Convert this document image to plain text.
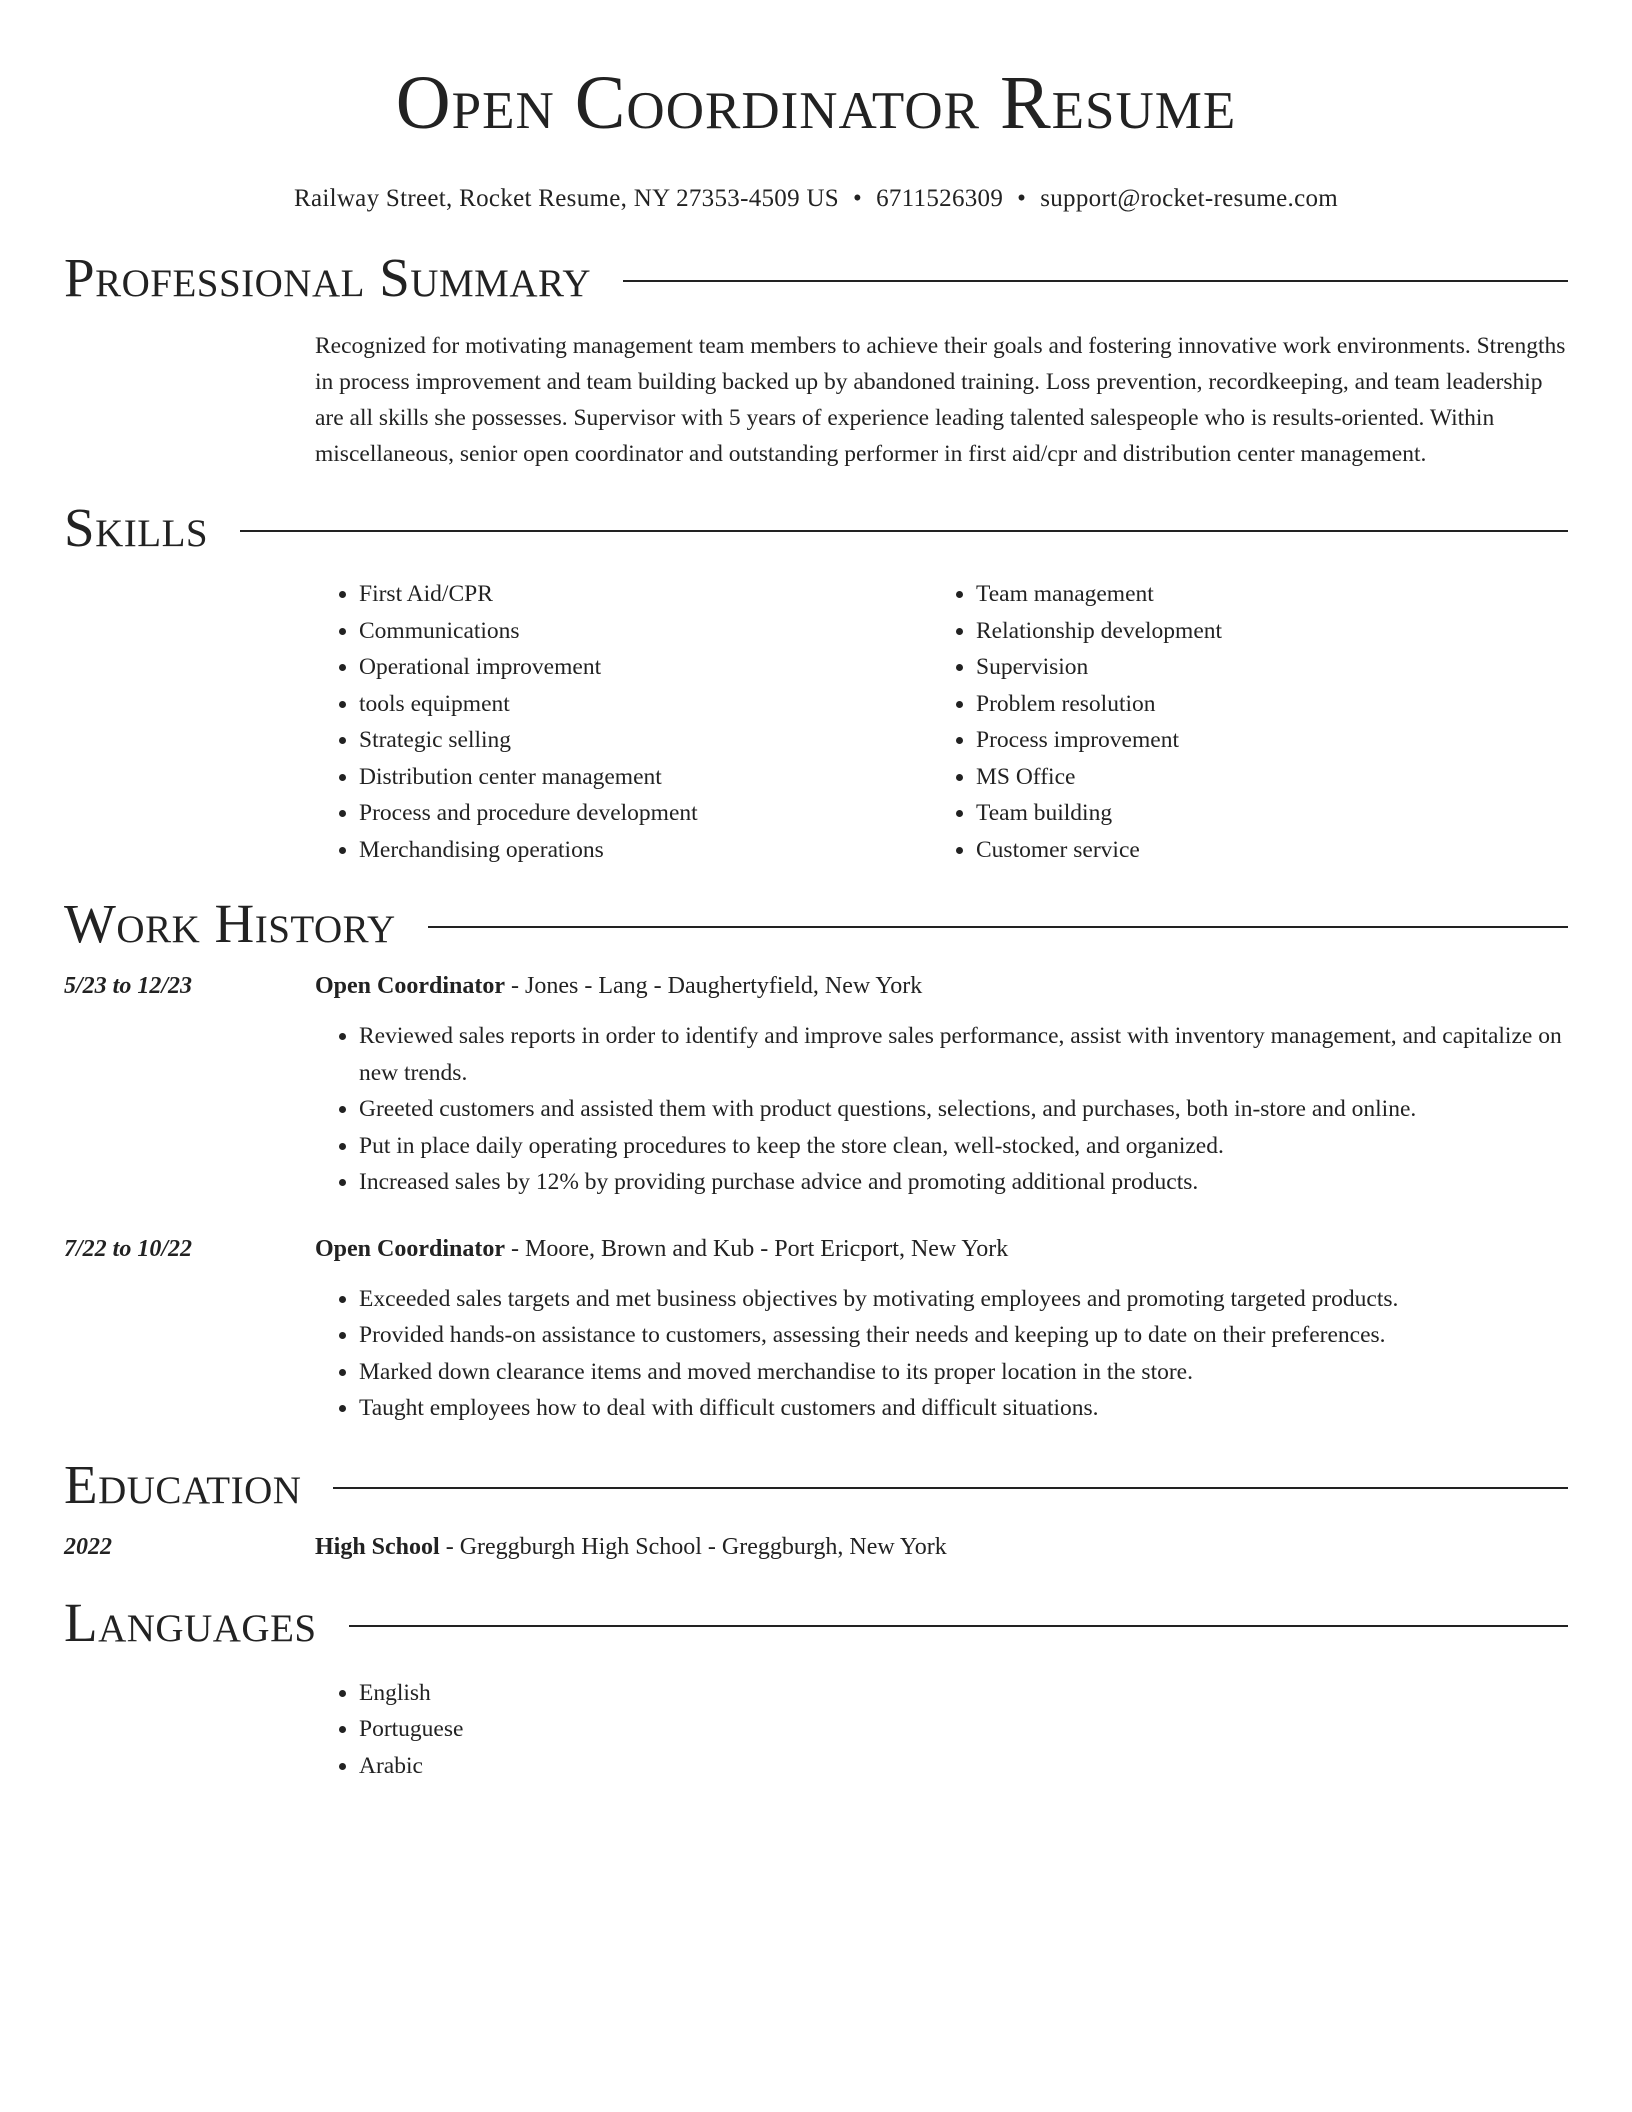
Open Coordinator Resume
Railway Street, Rocket Resume, NY 27353-4509 US • 6711526309 • support@rocket-resume.com
Professional Summary

Recognized for motivating management team members to achieve their goals and fostering innovative work environments. Strengths in process improvement and team building backed up by abandoned training. Loss prevention, recordkeeping, and team leadership are all skills she possesses. Supervisor with 5 years of experience leading talented salespeople who is results-oriented. Within miscellaneous, senior open coordinator and outstanding performer in first aid/cpr and distribution center management.

Skills
• First Aid/CPR
• Communications
• Operational improvement
• tools equipment
• Strategic selling
• Distribution center management
• Process and procedure development
• Merchandising operations
• Team management
• Relationship development
• Supervision
• Problem resolution
• Process improvement
• MS Office
• Team building
• Customer service
Work History
5/23 to 12/23	Open Coordinator - Jones - Lang - Daughertyfield, New York
• Reviewed sales reports in order to identify and improve sales performance, assist with inventory management, and capitalize on new trends.
• Greeted customers and assisted them with product questions, selections, and purchases, both in-store and online.
• Put in place daily operating procedures to keep the store clean, well-stocked, and organized.
• Increased sales by 12% by providing purchase advice and promoting additional products.
7/22 to 10/22	Open Coordinator - Moore, Brown and Kub - Port Ericport, New York
• Exceeded sales targets and met business objectives by motivating employees and promoting targeted products.
• Provided hands-on assistance to customers, assessing their needs and keeping up to date on their preferences.
• Marked down clearance items and moved merchandise to its proper location in the store.
• Taught employees how to deal with difficult customers and difficult situations.
Education
2022	High School - Greggburgh High School - Greggburgh, New York
Languages
• English
• Portuguese
• Arabic
